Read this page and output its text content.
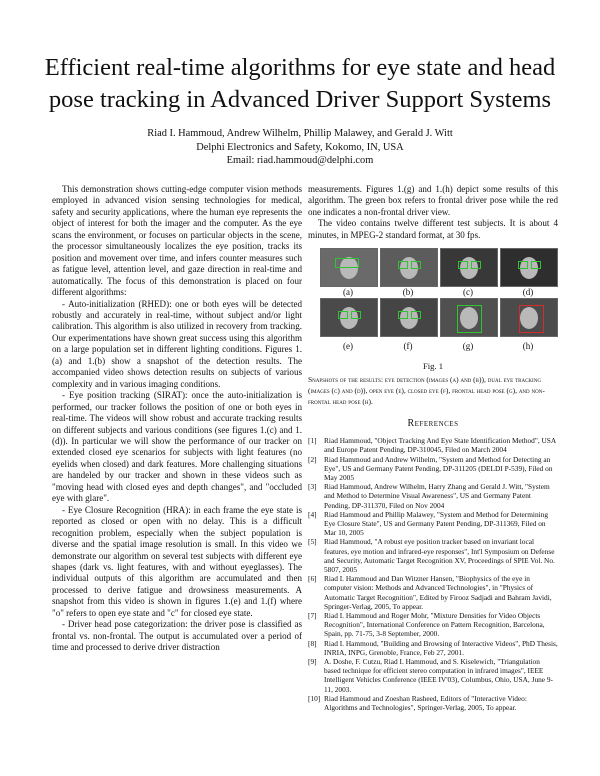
Efficient real-time algorithms for eye state and head pose tracking in Advanced Driver Support Systems
Riad I. Hammoud, Andrew Wilhelm, Phillip Malawey, and Gerald J. Witt
Delphi Electronics and Safety, Kokomo, IN, USA
Email: riad.hammoud@delphi.com

This demonstration shows cutting-edge computer vision methods employed in advanced vision sensing technologies for medical, safety and security applications, where the human eye represents the object of interest for both the imager and the computer. As the eye scans the environment, or focuses on particular objects in the scene, the processor simultaneously localizes the eye position, tracks its position and movement over time, and infers counter measures such as fatigue level, attention level, and gaze direction in real-time and automatically. The focus of this demonstration is placed on four different algorithms:

- Auto-initialization (RHED): one or both eyes will be detected robustly and accurately in real-time, without subject and/or light calibration. This algorithm is also utilized in recovery from tracking. Our experimentations have shown great success using this algorithm on a large population set in different lighting conditions. Figures 1.(a) and 1.(b) show a snapshot of the detection results. The accompanied video shows detection results on subjects of various complexity and in various imaging conditions.

- Eye position tracking (SIRAT): once the auto-initialization is performed, our tracker follows the position of one or both eyes in real-time. The videos will show robust and accurate tracking results on different subjects and various conditions (see figures 1.(c) and 1.(d)). In particular we will show the performance of our tracker on extended closed eye scenarios for subjects with light features (no eyelids when closed) and dark features. More challenging situations are handeled by our tracker and shown in these videos such as "moving head with closed eyes and depth changes", and "occluded eye with glare".

- Eye Closure Recognition (HRA): in each frame the eye state is reported as closed or open with no delay. This is a difficult recognition problem, especially when the subject population is diverse and the spatial image resolution is small. In this video we demonstrate our algorithm on several test subjects with different eye shapes (dark vs. light features, with and without eyeglasses). The individual outputs of this algorithm are accumulated and then processed to derive fatigue and drowsiness measurements. A snapshot from this video is shown in figures 1.(e) and 1.(f) where "o" refers to open eye state and "c" for closed eye state.

- Driver head pose categorization: the driver pose is classified as frontal vs. non-frontal. The output is accumulated over a period of time and processed to derive driver distraction

measurements. Figures 1.(g) and 1.(h) depict some results of this algorithm. The green box refers to frontal driver pose while the red one indicates a non-frontal driver view.

The video contains twelve different test subjects. It is about 4 minutes, in MPEG-2 standard format, at 30 fps.

(a)	(b)	(c)	(d)
(e)	(f)	(g)	(h)
Fig. 1
Snapshots of the results: eye detection (images (a) and (b)), dual eye tracking (images (c) and (d)), open eye (e), closed eye (f), frontal head pose (g), and non-frontal head pose (h).
References
[1] Riad Hammoud, "Object Tracking And Eye State Identification Method", USA and Europe Patent Pending, DP-310045, Filed on March 2004
[2] Riad Hammoud and Andrew Wilhelm, "System and Method for Detecting an Eye", US and Germany Patent Pending, DP-311205 (DELDI P-539), Filed on May 2005
[3] Riad Hammoud, Andrew Wilhelm, Harry Zhang and Gerald J. Witt, "System and Method to Determine Visual Awareness", US and Germany Patent Pending, DP-311370, Filed on Nov 2004
[4] Riad Hammoud and Phillip Malawey, "System and Method for Determining Eye Closure State", US and Germany Patent Pending, DP-311369, Filed on Mar 10, 2005
[5] Riad Hammoud, "A robust eye position tracker based on invariant local features, eye motion and infrared-eye responses", Int'l Symposium on Defense and Security, Automatic Target Recognition XV, Proceedings of SPIE Vol. No. 5807, 2005
[6] Riad I. Hammoud and Dan Witzner Hansen, "Biophysics of the eye in computer vision: Methods and Advanced Technologies", in "Physics of Automatic Target Recognition", Edited by Firooz Sadjadi and Bahram Javidi, Springer-Verlag, 2005, To appear.
[7] Riad I. Hammoud and Roger Mohr, "Mixture Densities for Video Objects Recognition", International Conference on Pattern Recognition, Barcelona, Spain, pp. 71-75, 3-8 September, 2000.
[8] Riad I. Hammoud, "Building and Browsing of Interactive Videos", PhD Thesis, INRIA, INPG, Grenoble, France, Feb 27, 2001.
[9] A. Doshe, F. Cutzu, Riad I. Hammoud, and S. Kiselewich, "Triangulation based technique for efficient stereo computation in infrared images", IEEE Intelligent Vehicles Conference (IEEE IV'03), Columbus, Ohio, USA, June 9-11, 2003.
[10] Riad Hammoud and Zoeshan Rasheed, Editors of "Interactive Video: Algorithms and Technologies", Springer-Verlag, 2005, To appear.
